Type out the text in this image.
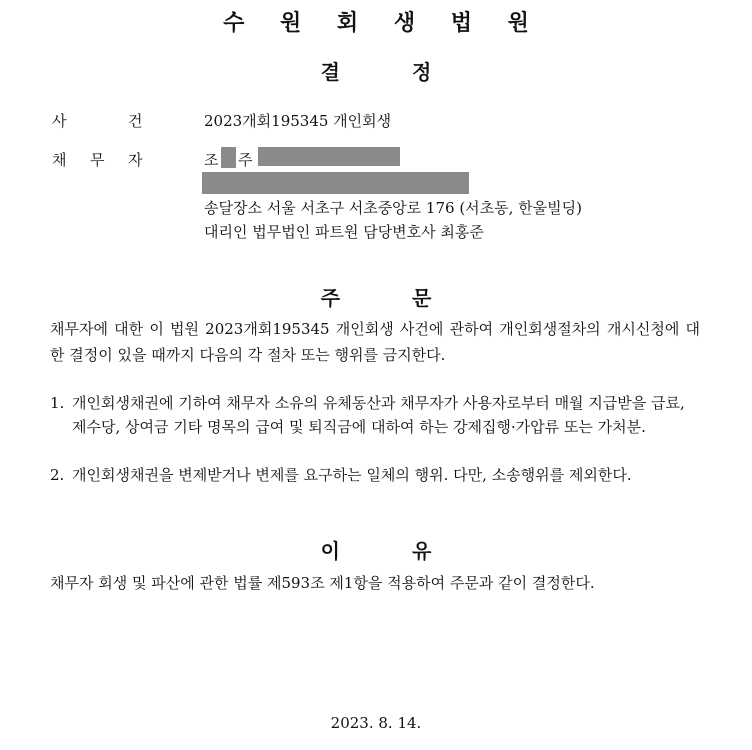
수 원 회 생 법 원
결	정
사	건	2023개회195345 개인회생
채 무 자	조 주
송달장소 서울 서초구 서초중앙로 176 (서초동, 한울빌딩)
대리인 법무법인 파트원 담당변호사 최홍준
주	문
채무자에 대한 이 법원 2023개회195345 개인회생 사건에 관하여 개인회생절차의 개시신청에 대한 결정이 있을 때까지 다음의 각 절차 또는 행위를 금지한다.
1. 개인회생채권에 기하여 채무자 소유의 유체동산과 채무자가 사용자로부터 매월 지급받을 급료, 제수당, 상여금 기타 명목의 급여 및 퇴직금에 대하여 하는 강제집행·가압류 또는 가처분.
2. 개인회생채권을 변제받거나 변제를 요구하는 일체의 행위. 다만, 소송행위를 제외한다.
이	유
채무자 회생 및 파산에 관한 법률 제593조 제1항을 적용하여 주문과 같이 결정한다.
2023. 8. 14.
